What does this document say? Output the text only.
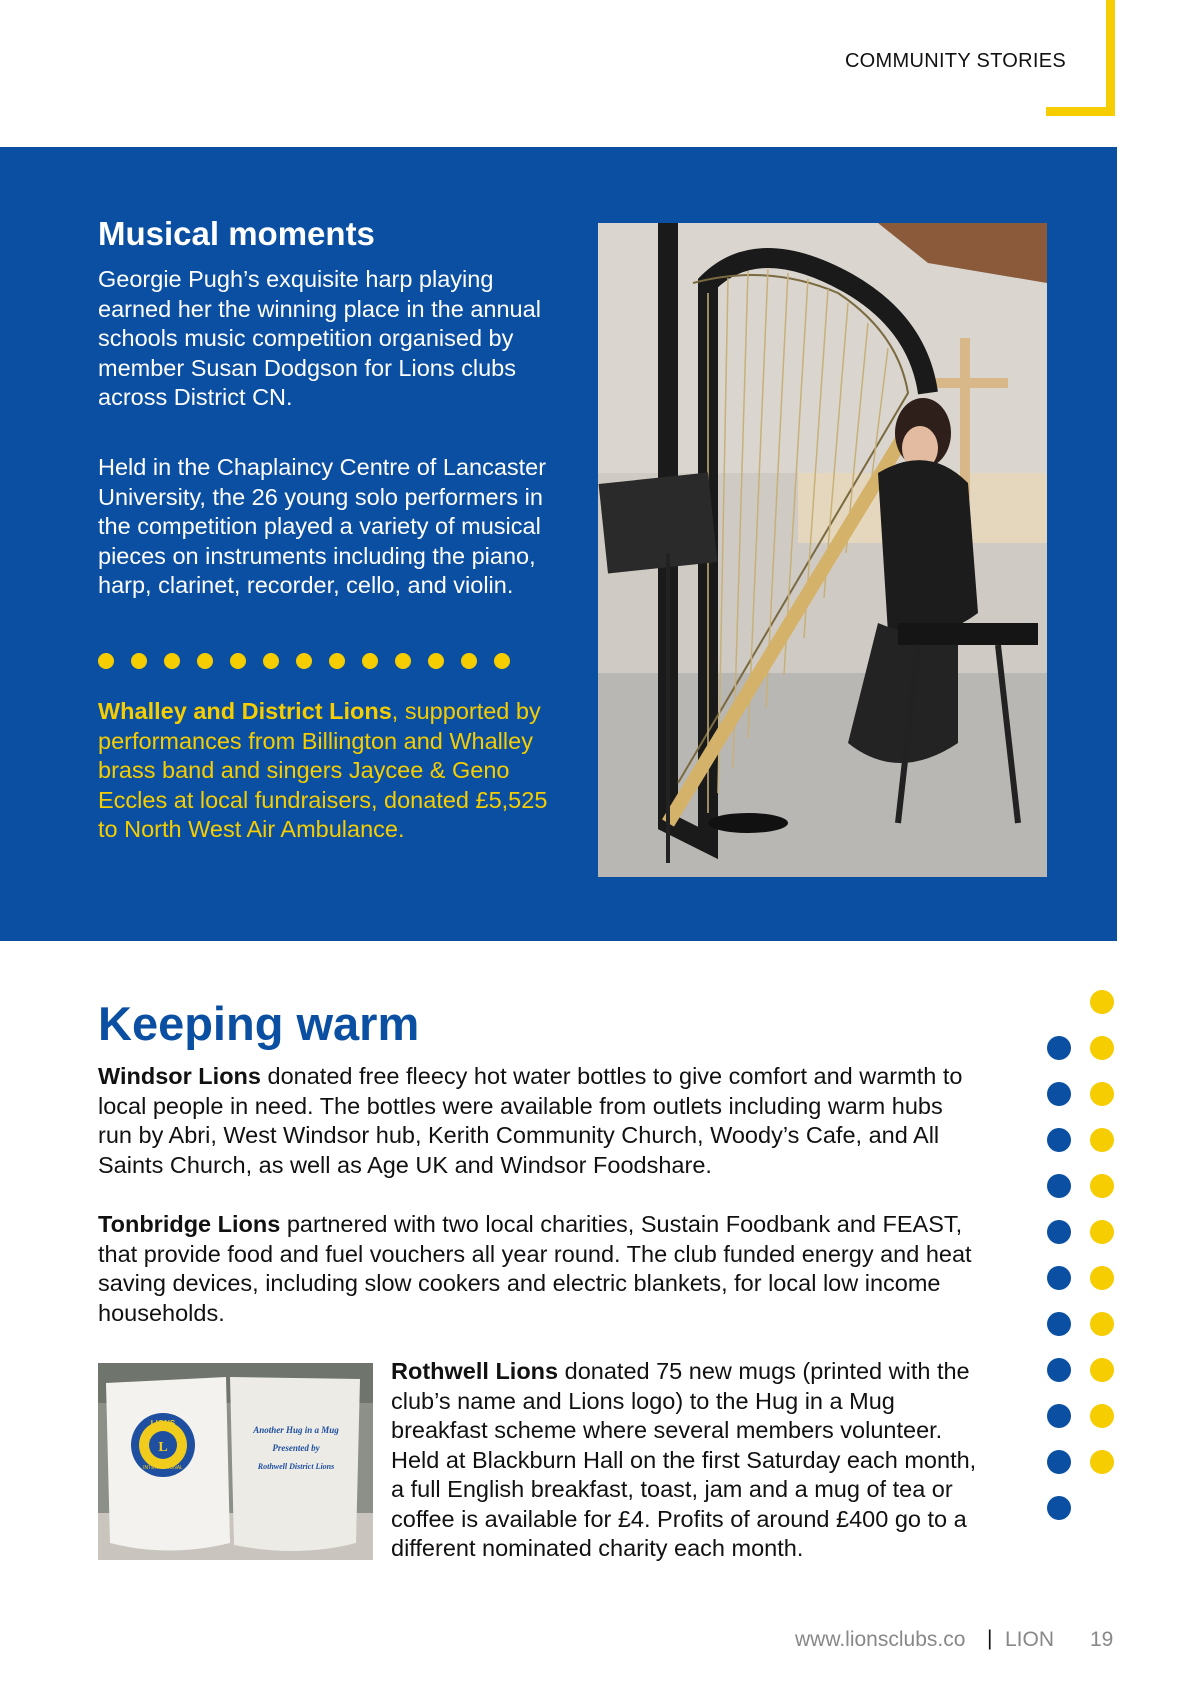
COMMUNITY STORIES
Musical moments

Georgie Pugh’s exquisite harp playing earned her the winning place in the annual schools music competition organised by member Susan Dodgson for Lions clubs across District CN.

Held in the Chaplaincy Centre of Lancaster University, the 26 young solo performers in the competition played a variety of musical pieces on instruments including the piano, harp, clarinet, recorder, cello, and violin.

Whalley and District Lions, supported by performances from Billington and Whalley brass band and singers Jaycee & Geno Eccles at local fundraisers, donated £5,525 to North West Air Ambulance.

Keeping warm

Windsor Lions donated free fleecy hot water bottles to give comfort and warmth to local people in need. The bottles were available from outlets including warm hubs run by Abri, West Windsor hub, Kerith Community Church, Woody’s Cafe, and All Saints Church, as well as Age UK and Windsor Foodshare.

Tonbridge Lions partnered with two local charities, Sustain Foodbank and FEAST, that provide food and fuel vouchers all year round. The club funded energy and heat saving devices, including slow cookers and electric blankets, for local low income households.

Rothwell Lions donated 75 new mugs (printed with the club’s name and Lions logo) to the Hug in a Mug breakfast scheme where several members volunteer. Held at Blackburn Hall on the first Saturday each month, a full English breakfast, toast, jam and a mug of tea or coffee is available for £4. Profits of around £400 go to a different nominated charity each month.

LIONS
L
INTERNATIONAL
Another Hug in a Mug
Presented by
Rothwell District Lions
www.lionsclubs.co | LION 19
